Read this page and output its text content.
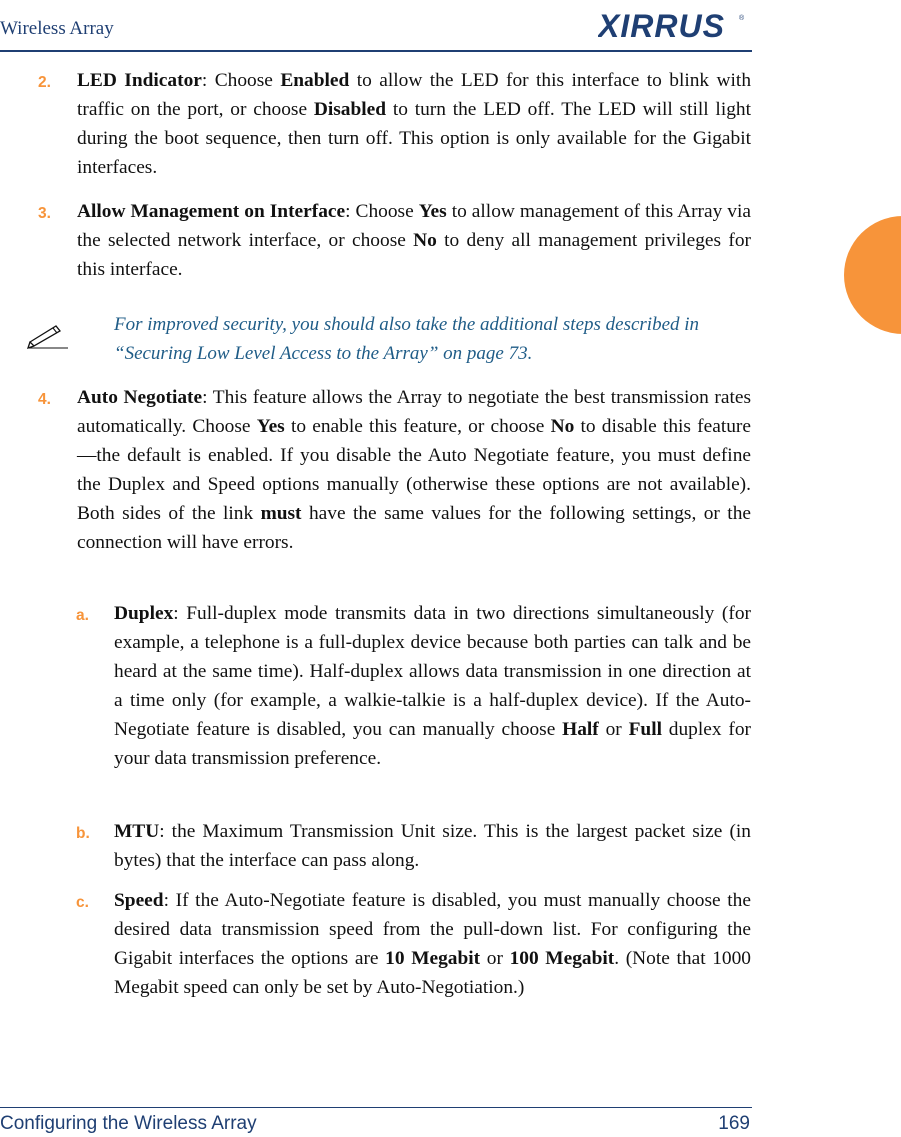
Wireless Array	XIRRUS ®
2. LED Indicator: Choose Enabled to allow the LED for this interface to blink with traffic on the port, or choose Disabled to turn the LED off. The LED will still light during the boot sequence, then turn off. This option is only available for the Gigabit interfaces.

3. Allow Management on Interface: Choose Yes to allow management of this Array via the selected network interface, or choose No to deny all management privileges for this interface.

For improved security, you should also take the additional steps described in “Securing Low Level Access to the Array” on page 73.
4. Auto Negotiate: This feature allows the Array to negotiate the best transmission rates automatically. Choose Yes to enable this feature, or choose No to disable this feature—the default is enabled. If you disable the Auto Negotiate feature, you must define the Duplex and Speed options manually (otherwise these options are not available). Both sides of the link must have the same values for the following settings, or the connection will have errors.

a. Duplex: Full-duplex mode transmits data in two directions simultaneously (for example, a telephone is a full-duplex device because both parties can talk and be heard at the same time). Half-duplex allows data transmission in one direction at a time only (for example, a walkie-talkie is a half-duplex device). If the Auto-Negotiate feature is disabled, you can manually choose Half or Full duplex for your data transmission preference.

b. MTU: the Maximum Transmission Unit size. This is the largest packet size (in bytes) that the interface can pass along.

c. Speed: If the Auto-Negotiate feature is disabled, you must manually choose the desired data transmission speed from the pull-down list. For configuring the Gigabit interfaces the options are 10 Megabit or 100 Megabit. (Note that 1000 Megabit speed can only be set by Auto-Negotiation.)

Configuring the Wireless Array	169
